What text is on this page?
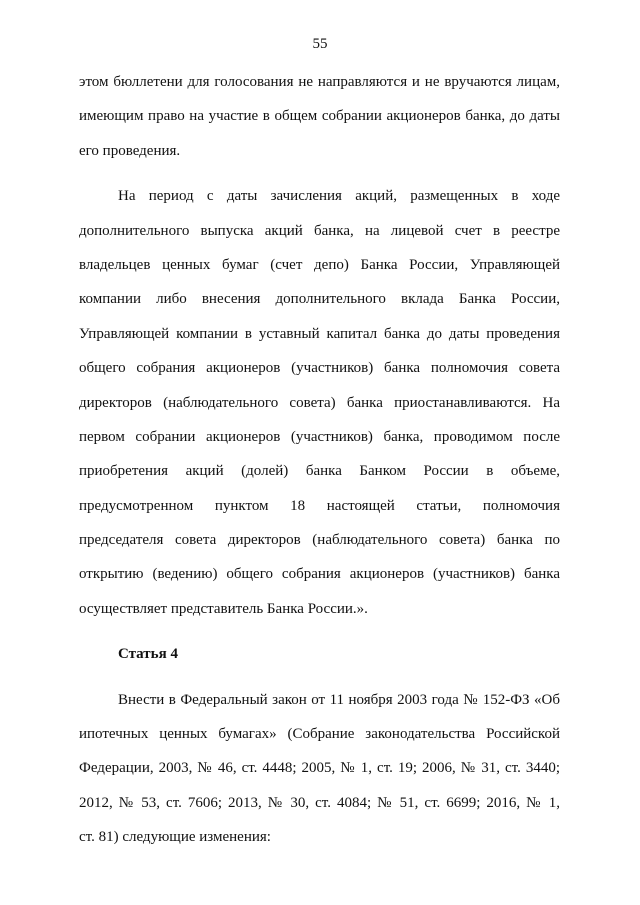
55
этом бюллетени для голосования не направляются и не вручаются лицам,
имеющим право на участие в общем собрании акционеров банка, до даты
его проведения.
На период с даты зачисления акций, размещенных в ходе
дополнительного выпуска акций банка, на лицевой счет в реестре
владельцев ценных бумаг (счет депо) Банка России, Управляющей
компании либо внесения дополнительного вклада Банка России,
Управляющей компании в уставный капитал банка до даты проведения
общего собрания акционеров (участников) банка полномочия совета
директоров (наблюдательного совета) банка приостанавливаются. На
первом собрании акционеров (участников) банка, проводимом после
приобретения акций (долей) банка Банком России в объеме,
предусмотренном пунктом 18 настоящей статьи, полномочия
председателя совета директоров (наблюдательного совета) банка по
открытию (ведению) общего собрания акционеров (участников) банка
осуществляет представитель Банка России.».
Статья 4
Внести в Федеральный закон от 11 ноября 2003 года № 152-ФЗ «Об
ипотечных ценных бумагах» (Собрание законодательства Российской
Федерации, 2003, № 46, ст. 4448; 2005, № 1, ст. 19; 2006, № 31, ст. 3440;
2012, № 53, ст. 7606; 2013, № 30, ст. 4084; № 51, ст. 6699; 2016, № 1,
ст. 81) следующие изменения:
